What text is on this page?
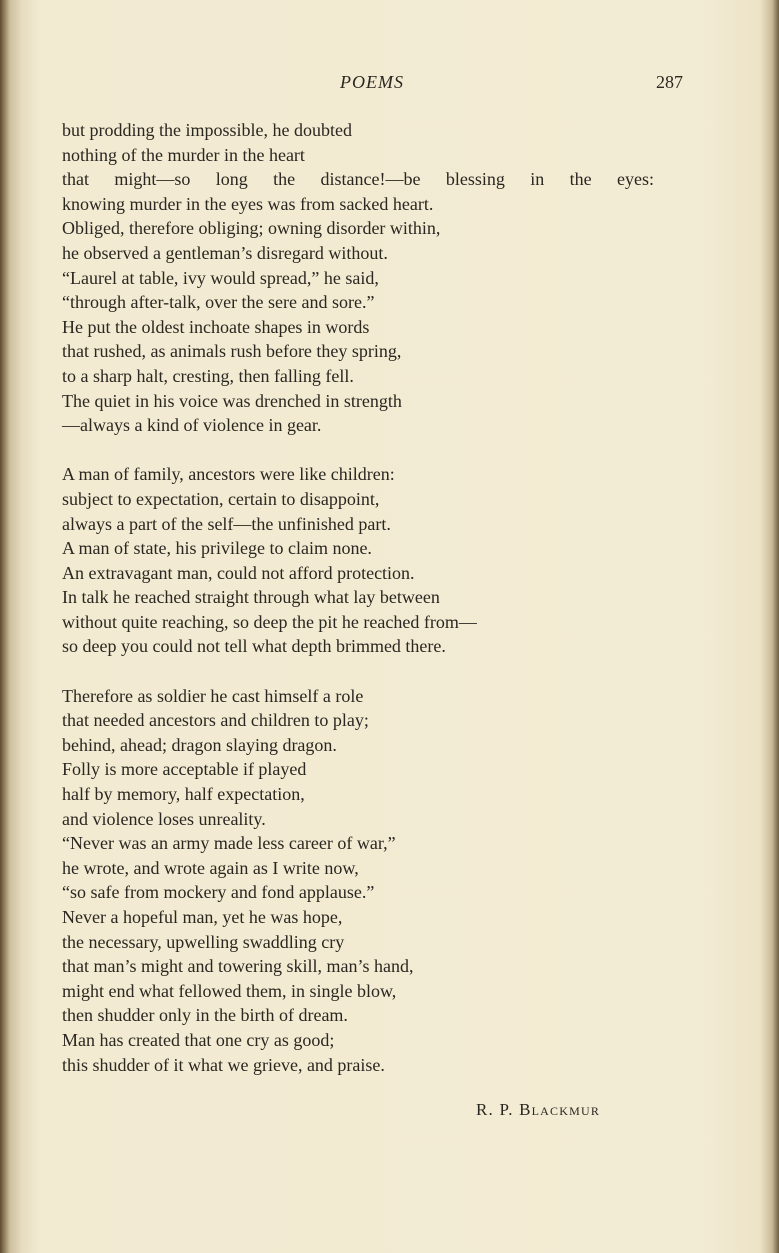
POEMS	287
but prodding the impossible, he doubted
nothing of the murder in the heart
that might—so long the distance!—be blessing in the eyes:
knowing murder in the eyes was from sacked heart.
Obliged, therefore obliging; owning disorder within,
he observed a gentleman’s disregard without.
“Laurel at table, ivy would spread,” he said,
“through after-talk, over the sere and sore.”
He put the oldest inchoate shapes in words
that rushed, as animals rush before they spring,
to a sharp halt, cresting, then falling fell.
The quiet in his voice was drenched in strength
—always a kind of violence in gear.
A man of family, ancestors were like children:
subject to expectation, certain to disappoint,
always a part of the self—the unfinished part.
A man of state, his privilege to claim none.
An extravagant man, could not afford protection.
In talk he reached straight through what lay between
without quite reaching, so deep the pit he reached from—
so deep you could not tell what depth brimmed there.
Therefore as soldier he cast himself a role
that needed ancestors and children to play;
behind, ahead; dragon slaying dragon.
Folly is more acceptable if played
half by memory, half expectation,
and violence loses unreality.
“Never was an army made less career of war,”
he wrote, and wrote again as I write now,
“so safe from mockery and fond applause.”
Never a hopeful man, yet he was hope,
the necessary, upwelling swaddling cry
that man’s might and towering skill, man’s hand,
might end what fellowed them, in single blow,
then shudder only in the birth of dream.
Man has created that one cry as good;
this shudder of it what we grieve, and praise.
R. P. Blackmur
